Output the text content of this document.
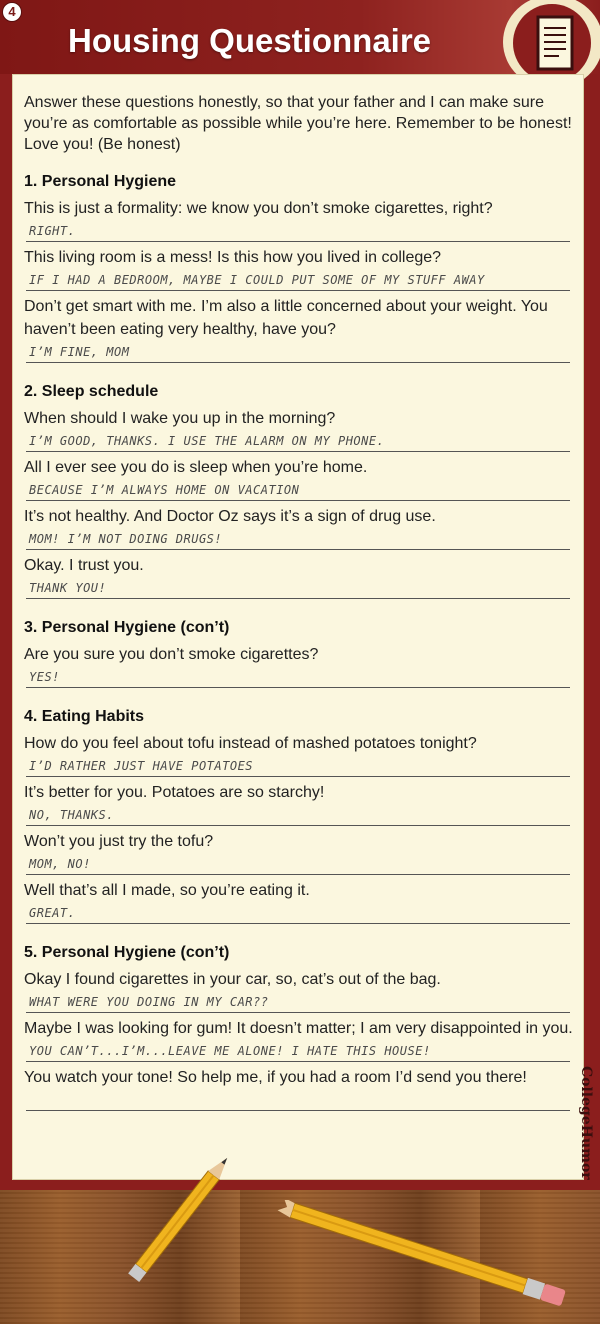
4
Housing Questionnaire
Answer these questions honestly, so that your father and I can make sure you’re as comfortable as possible while you’re here. Remember to be honest! Love you! (Be honest)
1. Personal Hygiene
This is just a formality: we know you don’t smoke cigarettes, right?
RIGHT.
This living room is a mess! Is this how you lived in college?
IF I HAD A BEDROOM, MAYBE I COULD PUT SOME OF MY STUFF AWAY
Don’t get smart with me. I’m also a little concerned about your weight. You haven’t been eating very healthy, have you?
I’M FINE, MOM
2. Sleep schedule
When should I wake you up in the morning?
I’M GOOD, THANKS. I USE THE ALARM ON MY PHONE.
All I ever see you do is sleep when you’re home.
BECAUSE I’M ALWAYS HOME ON VACATION
It’s not healthy. And Doctor Oz says it’s a sign of drug use.
MOM! I’M NOT DOING DRUGS!
Okay. I trust you.
THANK YOU!
3. Personal Hygiene (con’t)
Are you sure you don’t smoke cigarettes?
YES!
4. Eating Habits
How do you feel about tofu instead of mashed potatoes tonight?
I’D RATHER JUST HAVE POTATOES
It’s better for you. Potatoes are so starchy!
NO, THANKS.
Won’t you just try the tofu?
MOM, NO!
Well that’s all I made, so you’re eating it.
GREAT.
5. Personal Hygiene (con’t)
Okay I found cigarettes in your car, so, cat’s out of the bag.
WHAT WERE YOU DOING IN MY CAR??
Maybe I was looking for gum! It doesn’t matter; I am very disappointed in you.
YOU CAN’T...I’M...LEAVE ME ALONE! I HATE THIS HOUSE!
You watch your tone! So help me, if you had a room I’d send you there!	CollegeHumor
